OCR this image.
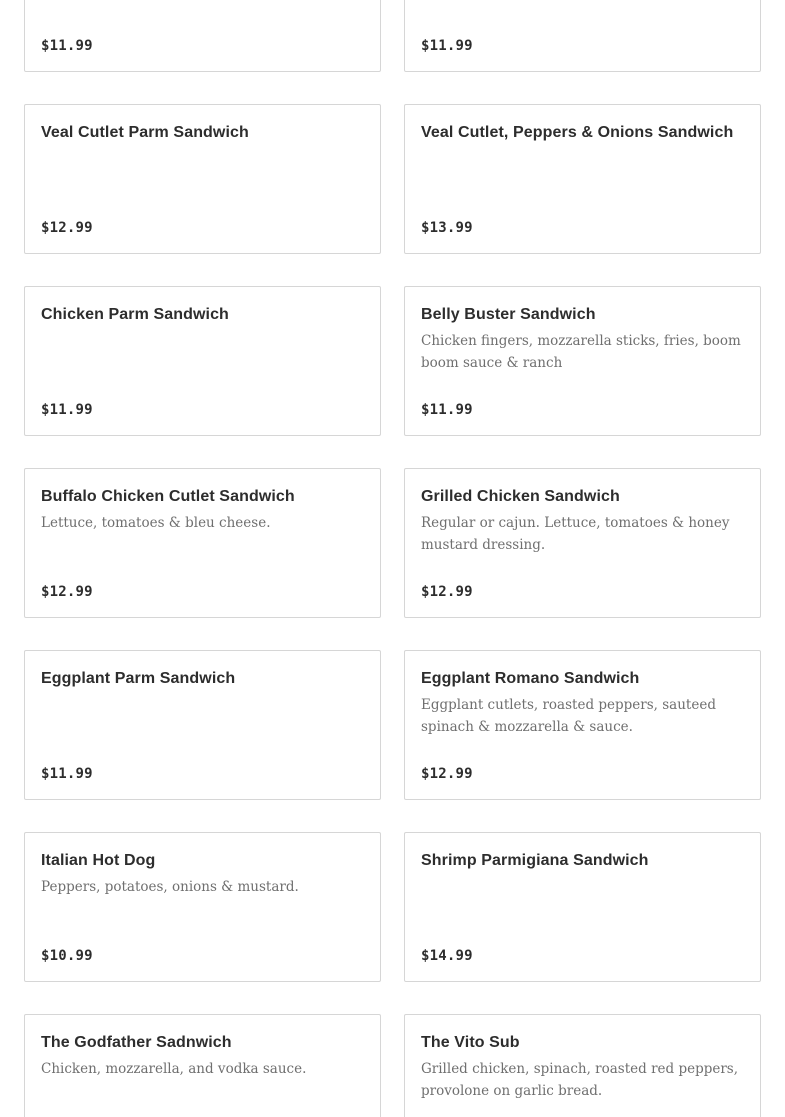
$11.99	$11.99
Veal Cutlet Parm Sandwich
$12.99
Veal Cutlet, Peppers & Onions Sandwich
$13.99
Chicken Parm Sandwich
$11.99
Belly Buster Sandwich
Chicken fingers, mozzarella sticks, fries, boom boom sauce & ranch
$11.99
Buffalo Chicken Cutlet Sandwich
Lettuce, tomatoes & bleu cheese.
$12.99
Grilled Chicken Sandwich
Regular or cajun. Lettuce, tomatoes & honey mustard dressing.
$12.99
Eggplant Parm Sandwich
$11.99
Eggplant Romano Sandwich
Eggplant cutlets, roasted peppers, sauteed spinach & mozzarella & sauce.
$12.99
Italian Hot Dog
Peppers, potatoes, onions & mustard.
$10.99
Shrimp Parmigiana Sandwich
$14.99
The Godfather Sadnwich
Chicken, mozzarella, and vodka sauce.
The Vito Sub
Grilled chicken, spinach, roasted red peppers, provolone on garlic bread.
